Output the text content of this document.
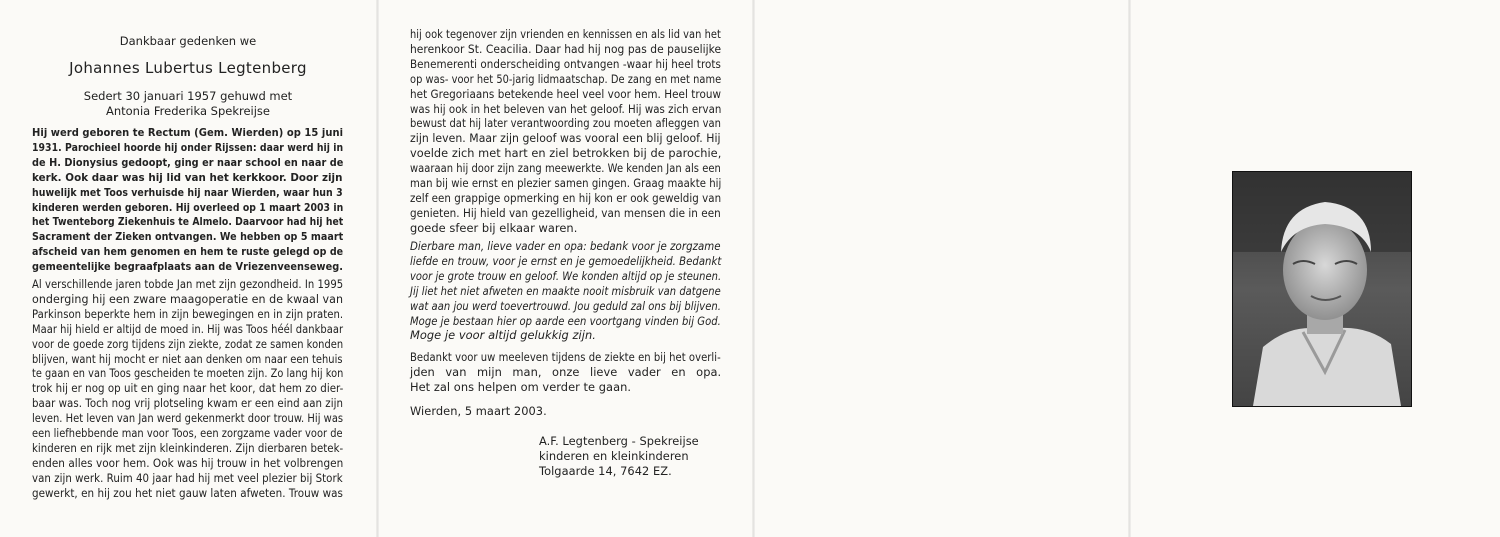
Dankbaar gedenken we
Johannes Lubertus Legtenberg
Sedert 30 januari 1957 gehuwd met
Antonia Frederika Spekreijse
Hij werd geboren te Rectum (Gem. Wierden) op 15 juni
1931. Parochieel hoorde hij onder Rijssen: daar werd hij in
de H. Dionysius gedoopt, ging er naar school en naar de
kerk. Ook daar was hij lid van het kerkkoor. Door zijn
huwelijk met Toos verhuisde hij naar Wierden, waar hun 3
kinderen werden geboren. Hij overleed op 1 maart 2003 in
het Twenteborg Ziekenhuis te Almelo. Daarvoor had hij het
Sacrament der Zieken ontvangen. We hebben op 5 maart
afscheid van hem genomen en hem te ruste gelegd op de
gemeentelijke begraafplaats aan de Vriezenveenseweg.
Al verschillende jaren tobde Jan met zijn gezondheid. In 1995
onderging hij een zware maagoperatie en de kwaal van
Parkinson beperkte hem in zijn bewegingen en in zijn praten.
Maar hij hield er altijd de moed in. Hij was Toos héél dankbaar
voor de goede zorg tijdens zijn ziekte, zodat ze samen konden
blijven, want hij mocht er niet aan denken om naar een tehuis
te gaan en van Toos gescheiden te moeten zijn. Zo lang hij kon
trok hij er nog op uit en ging naar het koor, dat hem zo dier-
baar was. Toch nog vrij plotseling kwam er een eind aan zijn
leven. Het leven van Jan werd gekenmerkt door trouw. Hij was
een liefhebbende man voor Toos, een zorgzame vader voor de
kinderen en rijk met zijn kleinkinderen. Zijn dierbaren betek-
enden alles voor hem. Ook was hij trouw in het volbrengen
van zijn werk. Ruim 40 jaar had hij met veel plezier bij Stork
gewerkt, en hij zou het niet gauw laten afweten. Trouw was
hij ook tegenover zijn vrienden en kennissen en als lid van het
herenkoor St. Ceacilia. Daar had hij nog pas de pauselijke
Benemerenti onderscheiding ontvangen -waar hij heel trots
op was- voor het 50-jarig lidmaatschap. De zang en met name
het Gregoriaans betekende heel veel voor hem. Heel trouw
was hij ook in het beleven van het geloof. Hij was zich ervan
bewust dat hij later verantwoording zou moeten afleggen van
zijn leven. Maar zijn geloof was vooral een blij geloof. Hij
voelde zich met hart en ziel betrokken bij de parochie,
waaraan hij door zijn zang meewerkte. We kenden Jan als een
man bij wie ernst en plezier samen gingen. Graag maakte hij
zelf een grappige opmerking en hij kon er ook geweldig van
genieten. Hij hield van gezelligheid, van mensen die in een
goede sfeer bij elkaar waren.
Dierbare man, lieve vader en opa: bedank voor je zorgzame
liefde en trouw, voor je ernst en je gemoedelijkheid. Bedankt
voor je grote trouw en geloof. We konden altijd op je steunen.
Jij liet het niet afweten en maakte nooit misbruik van datgene
wat aan jou werd toevertrouwd. Jou geduld zal ons bij blijven.
Moge je bestaan hier op aarde een voortgang vinden bij God.
Moge je voor altijd gelukkig zijn.
Bedankt voor uw meeleven tijdens de ziekte en bij het overli-
jden van mijn man, onze lieve vader en opa.
Het zal ons helpen om verder te gaan.
Wierden, 5 maart 2003.
A.F. Legtenberg - Spekreijse
kinderen en kleinkinderen
Tolgaarde 14, 7642 EZ.
